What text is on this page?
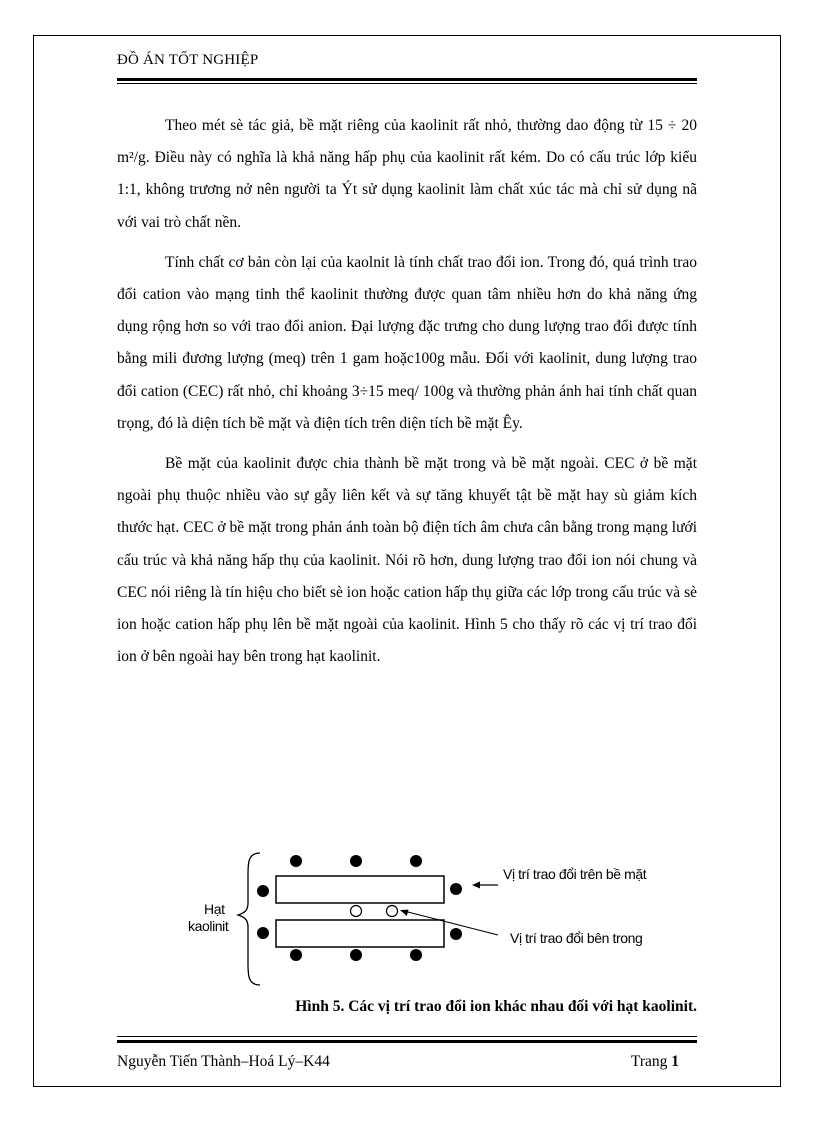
ĐỒ ÁN TỐT NGHIỆP

Theo mét sè tác giả, bề mặt riêng của kaolinit rất nhỏ, thường dao động từ 15 ÷ 20 m²/g. Điều này có nghĩa là khả năng hấp phụ của kaolinit rất kém. Do có cấu trúc lớp kiểu 1:1, không trương nở nên người ta Ýt sử dụng kaolinit làm chất xúc tác mà chỉ sử dụng nã với vai trò chất nền.

Tính chất cơ bản còn lại của kaolnit là tính chất trao đổi ion. Trong đó, quá trình trao đổi cation vào mạng tinh thể kaolinit thường được quan tâm nhiều hơn do khả năng ứng dụng rộng hơn so với trao đổi anion. Đại lượng đặc trưng cho dung lượng trao đổi được tính bằng mili đương lượng (meq) trên 1 gam hoặc100g mẫu. Đối với kaolinit, dung lượng trao đổi cation (CEC) rất nhỏ, chỉ khoảng 3÷15 meq/ 100g và thường phản ánh hai tính chất quan trọng, đó là diện tích bề mặt và điện tích trên diện tích bề mặt Êy.

Bề mặt của kaolinit được chia thành bề mặt trong và bề mặt ngoài. CEC ở bề mặt ngoài phụ thuộc nhiều vào sự gẫy liên kết và sự tăng khuyết tật bề mặt hay sù giảm kích thước hạt. CEC ở bề mặt trong phản ánh toàn bộ điện tích âm chưa cân bằng trong mạng lưới cấu trúc và khả năng hấp thụ của kaolinit. Nói rõ hơn, dung lượng trao đổi ion nói chung và CEC nói riêng là tín hiệu cho biết sè ion hoặc cation hấp thụ giữa các lớp trong cấu trúc và sè ion hoặc cation hấp phụ lên bề mặt ngoài của kaolinit. Hình 5 cho thấy rõ các vị trí trao đổi ion ở bên ngoài hay bên trong hạt kaolinit.

Hạt
kaolinit
Vị trí trao đổi trên bề mặt
Vị trí trao đổi bên trong
Hình 5. Các vị trí trao đổi ion khác nhau đối với hạt kaolinit.
Nguyễn Tiến Thành–Hoá Lý–K44	Trang 1
